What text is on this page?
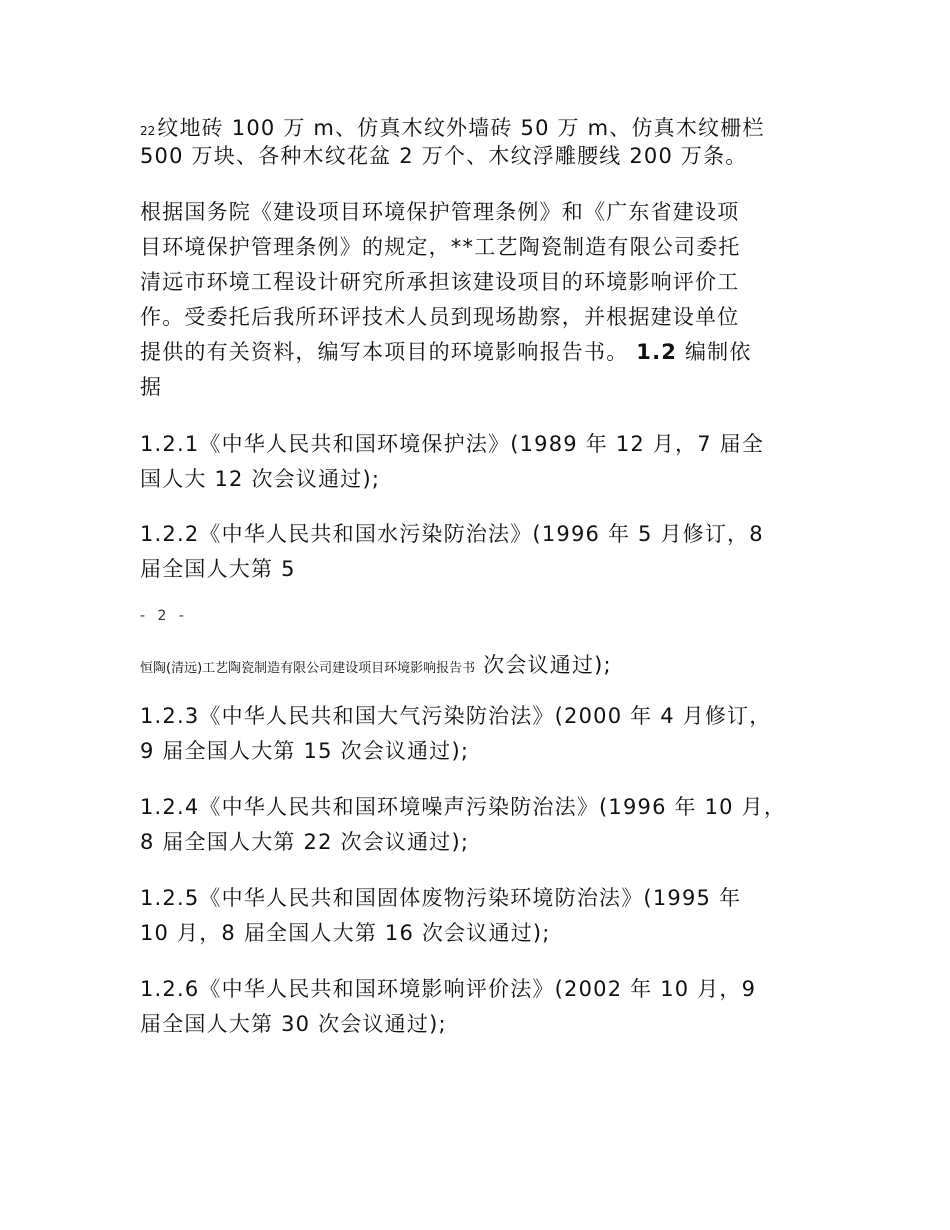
22纹地砖 100 万 m、仿真木纹外墙砖 50 万 m、仿真木纹栅栏
500 万块、各种木纹花盆 2 万个、木纹浮雕腰线 200 万条。
根据国务院《建设项目环境保护管理条例》和《广东省建设项
目环境保护管理条例》的规定，**工艺陶瓷制造有限公司委托
清远市环境工程设计研究所承担该建设项目的环境影响评价工
作。受委托后我所环评技术人员到现场勘察，并根据建设单位
提供的有关资料，编写本项目的环境影响报告书。 1.2 编制依
据
1.2.1《中华人民共和国环境保护法》(1989 年 12 月，7 届全
国人大 12 次会议通过);
1.2.2《中华人民共和国水污染防治法》(1996 年 5 月修订，8
届全国人大第 5
- 2 -
恒陶(清远)工艺陶瓷制造有限公司建设项目环境影响报告书 次会议通过);
1.2.3《中华人民共和国大气污染防治法》(2000 年 4 月修订，
9 届全国人大第 15 次会议通过);
1.2.4《中华人民共和国环境噪声污染防治法》(1996 年 10 月，
8 届全国人大第 22 次会议通过);
1.2.5《中华人民共和国固体废物污染环境防治法》(1995 年
10 月，8 届全国人大第 16 次会议通过);
1.2.6《中华人民共和国环境影响评价法》(2002 年 10 月，9
届全国人大第 30 次会议通过);
